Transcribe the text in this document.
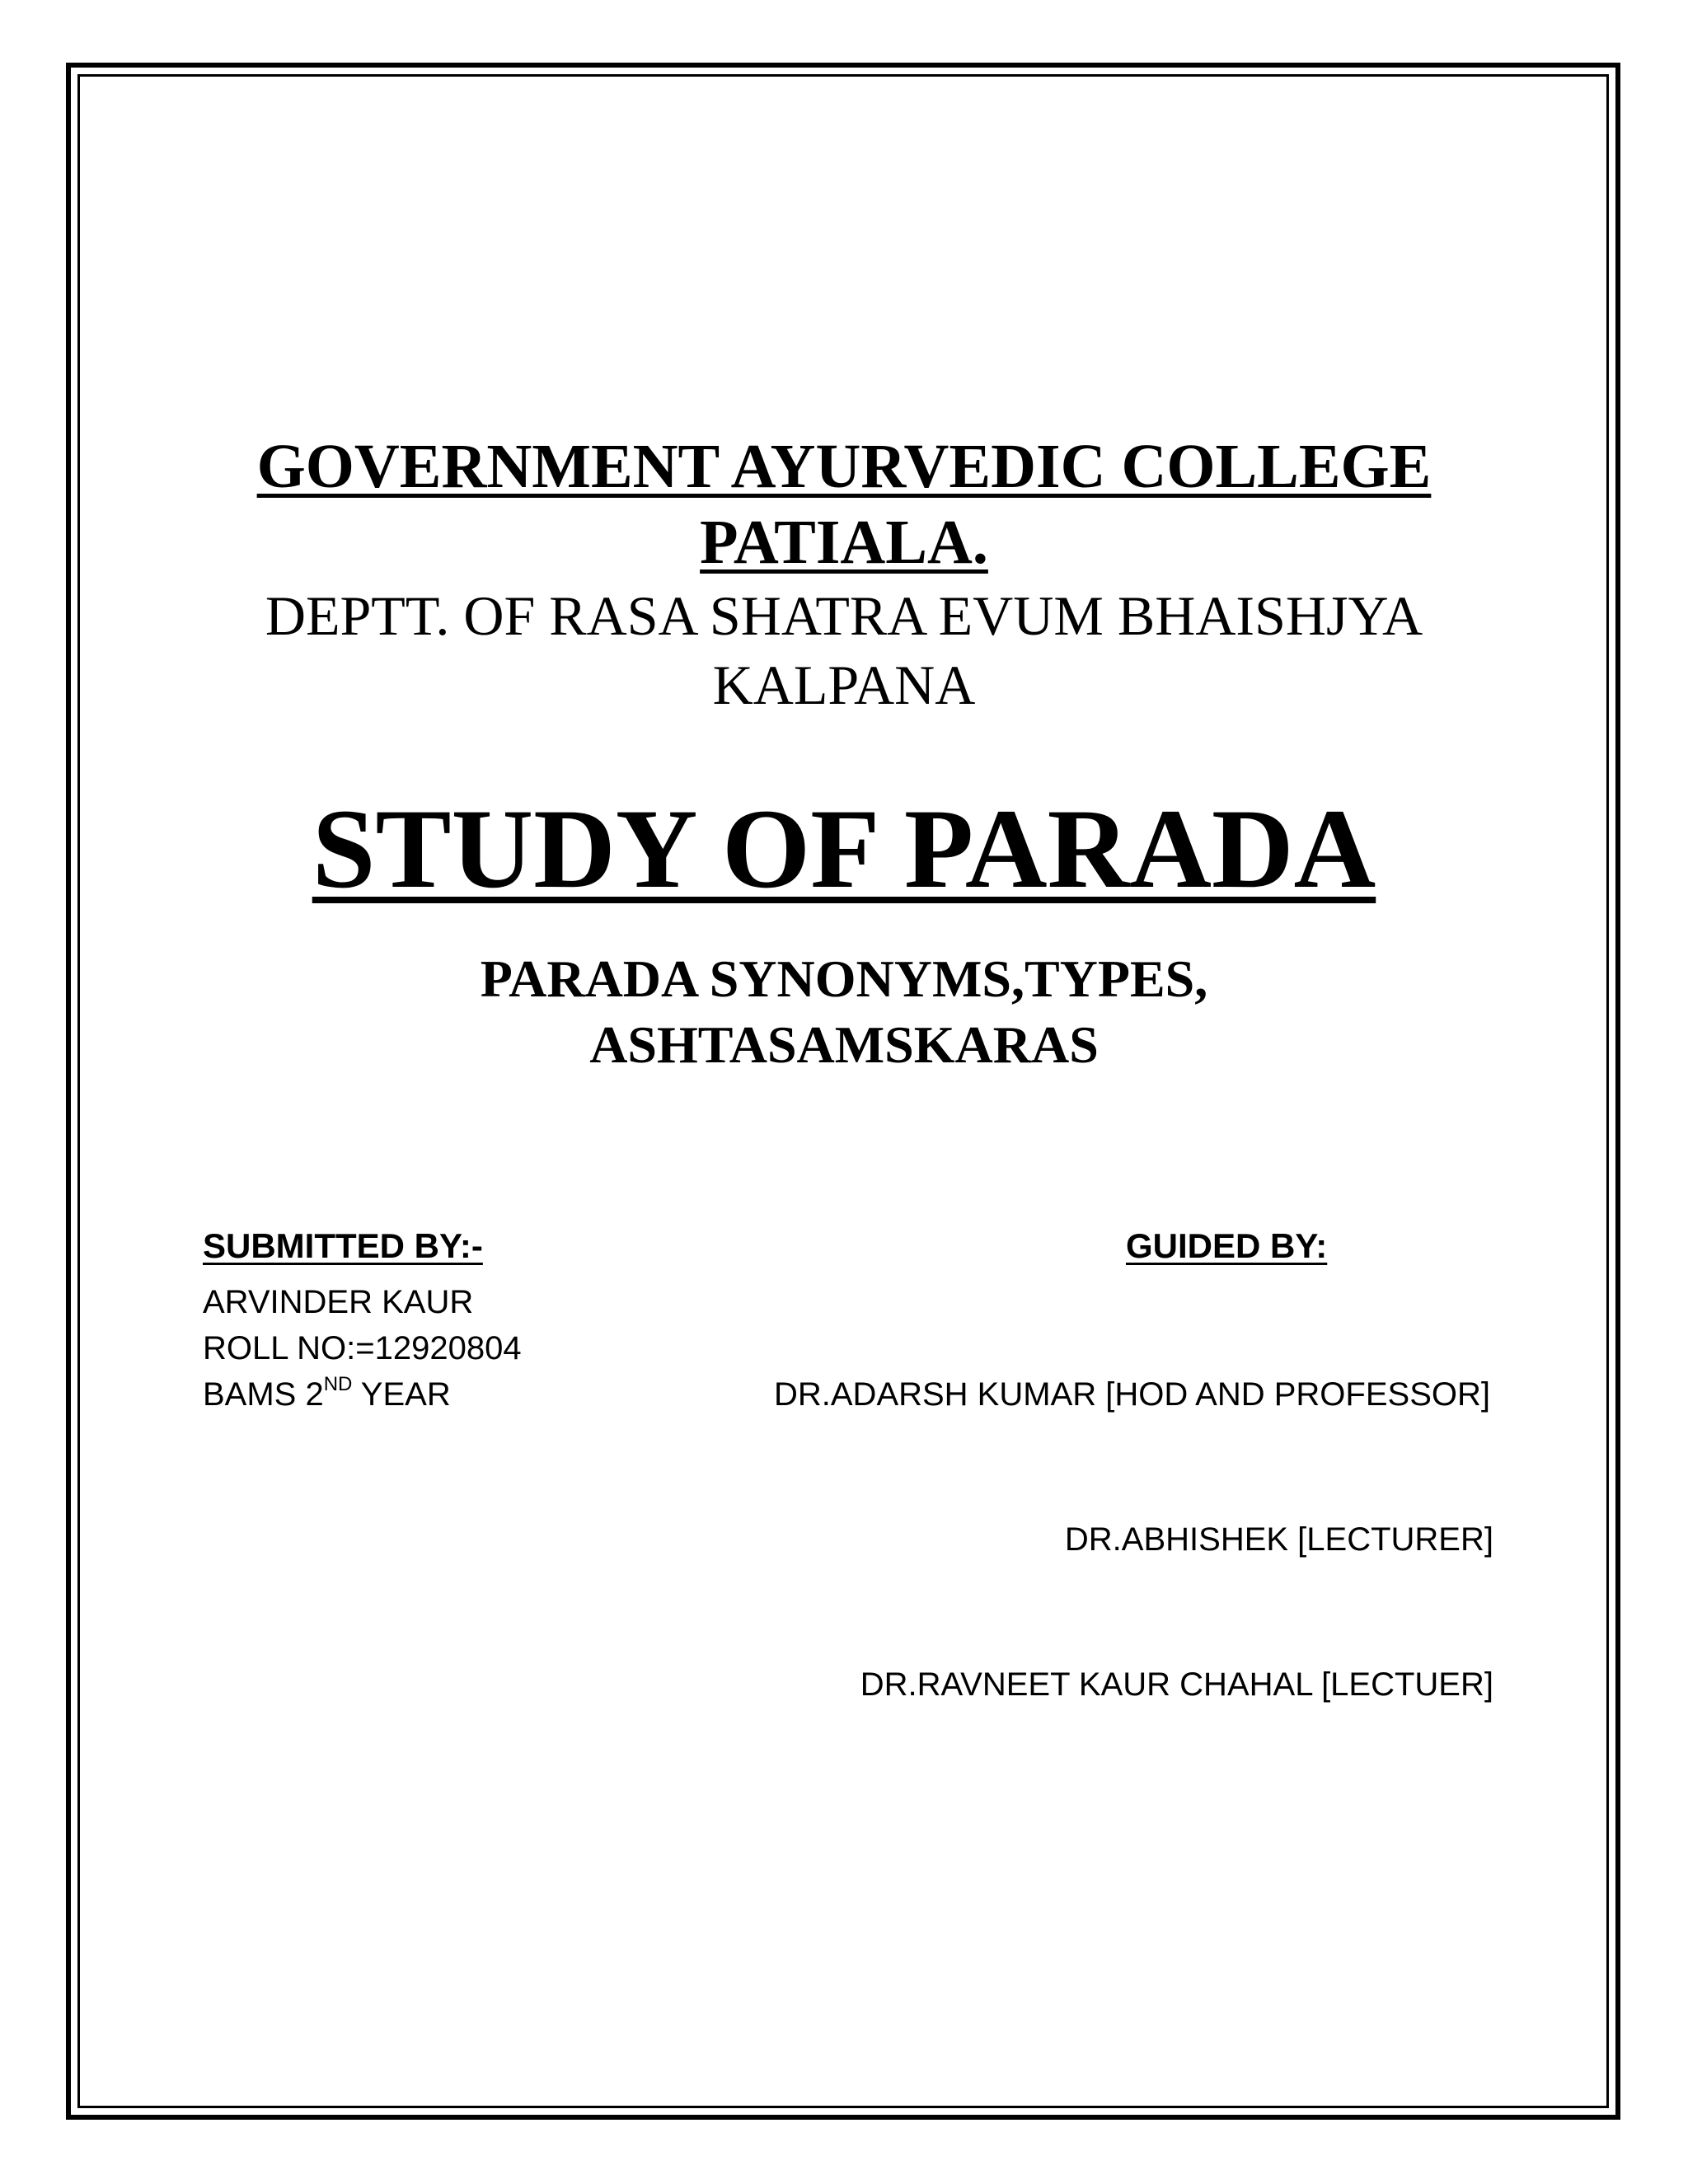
GOVERNMENT AYURVEDIC COLLEGE
PATIALA.
DEPTT. OF RASA SHATRA EVUM BHAISHJYA
KALPANA
STUDY OF PARADA
PARADA SYNONYMS,TYPES,
ASHTASAMSKARAS
SUBMITTED BY:-
ARVINDER KAUR
ROLL NO:=12920804
BAMS 2ND YEAR
GUIDED BY:
DR.ADARSH KUMAR [HOD AND PROFESSOR]
DR.ABHISHEK [LECTURER]
DR.RAVNEET KAUR CHAHAL [LECTUER]
